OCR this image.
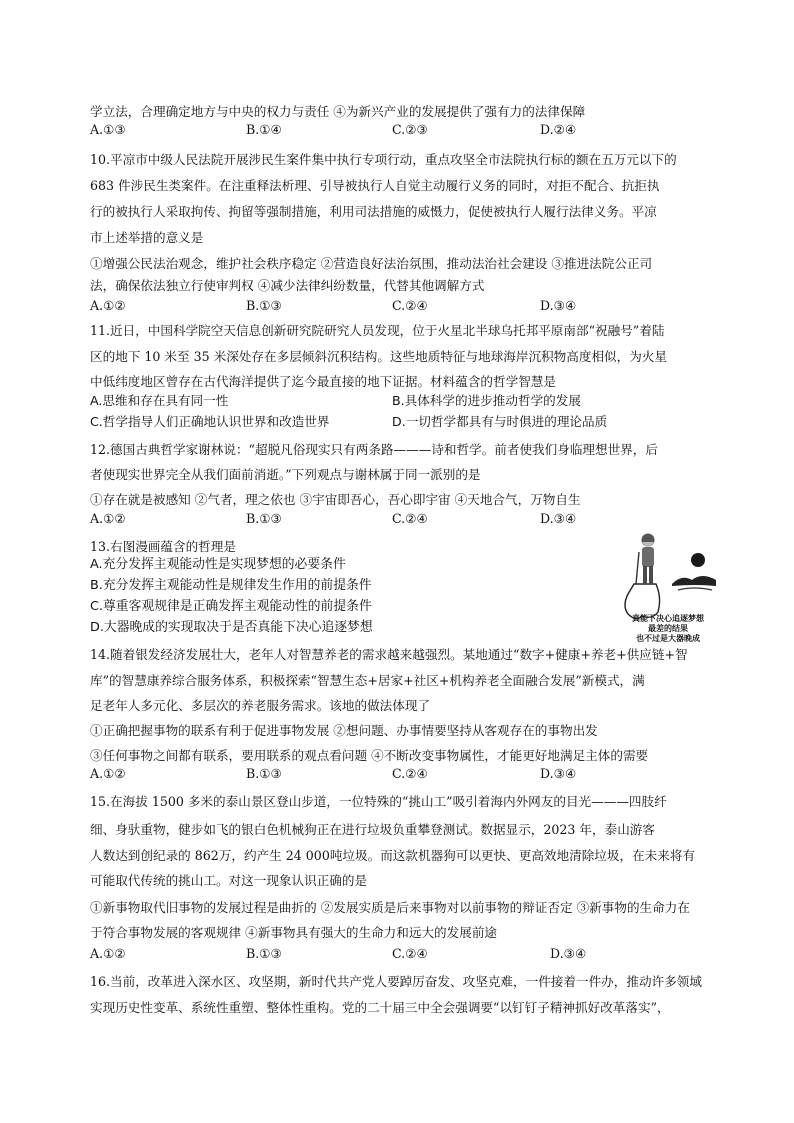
学立法，合理确定地方与中央的权力与责任 ④为新兴产业的发展提供了强有力的法律保障
A.①③	B.①④	C.②③	D.②④
10.平凉市中级人民法院开展涉民生案件集中执行专项行动，重点攻坚全市法院执行标的额在五万元以下的
683 件涉民生类案件。在注重释法析理、引导被执行人自觉主动履行义务的同时，对拒不配合、抗拒执
行的被执行人采取拘传、拘留等强制措施，利用司法措施的威慑力，促使被执行人履行法律义务。平凉
市上述举措的意义是
①增强公民法治观念，维护社会秩序稳定 ②营造良好法治氛围，推动法治社会建设 ③推进法院公正司
法，确保依法独立行使审判权 ④减少法律纠纷数量，代替其他调解方式
A.①②	B.①③	C.②④	D.③④
11.近日，中国科学院空天信息创新研究院研究人员发现，位于火星北半球乌托邦平原南部“祝融号”着陆
区的地下 10 米至 35 米深处存在多层倾斜沉积结构。这些地质特征与地球海岸沉积物高度相似，为火星
中低纬度地区曾存在古代海洋提供了迄今最直接的地下证据。材料蕴含的哲学智慧是
A.思维和存在具有同一性	B.具体科学的进步推动哲学的发展
C.哲学指导人们正确地认识世界和改造世界	D.一切哲学都具有与时俱进的理论品质
12.德国古典哲学家谢林说：“超脱凡俗现实只有两条路———诗和哲学。前者使我们身临理想世界，后
者使现实世界完全从我们面前消逝。”下列观点与谢林属于同一派别的是
①存在就是被感知 ②气者，理之依也 ③宇宙即吾心，吾心即宇宙 ④天地合气，万物自生
A.①②	B.①③	C.②④	D.③④
13.右图漫画蕴含的哲理是
A.充分发挥主观能动性是实现梦想的必要条件
B.充分发挥主观能动性是规律发生作用的前提条件
C.尊重客观规律是正确发挥主观能动性的前提条件
D.大器晚成的实现取决于是否真能下决心追逐梦想
真能下决心追逐梦想
最差的结果
也不过是大器晚成
14.随着银发经济发展壮大，老年人对智慧养老的需求越来越强烈。某地通过“数字+健康+养老+供应链+智
库”的智慧康养综合服务体系，积极探索“智慧生态+居家+社区+机构养老全面融合发展”新模式，满
足老年人多元化、多层次的养老服务需求。该地的做法体现了
①正确把握事物的联系有利于促进事物发展 ②想问题、办事情要坚持从客观存在的事物出发
③任何事物之间都有联系，要用联系的观点看问题 ④不断改变事物属性，才能更好地满足主体的需要
A.①②	B.①③	C.②④	D.③④
15.在海拔 1500 多米的泰山景区登山步道，一位特殊的“挑山工”吸引着海内外网友的目光———四肢纤
细、身驮重物，健步如飞的银白色机械狗正在进行垃圾负重攀登测试。数据显示，2023 年，泰山游客
人数达到创纪录的 862万，约产生 24 000吨垃圾。而这款机器狗可以更快、更高效地清除垃圾，在未来将有
可能取代传统的挑山工。对这一现象认识正确的是
①新事物取代旧事物的发展过程是曲折的 ②发展实质是后来事物对以前事物的辩证否定 ③新事物的生命力在
于符合事物发展的客观规律 ④新事物具有强大的生命力和远大的发展前途
A.①②	B.①③	C.②④	D.③④
16.当前，改革进入深水区、攻坚期，新时代共产党人要踔厉奋发、攻坚克难，一件接着一件办，推动许多领域
实现历史性变革、系统性重塑、整体性重构。党的二十届三中全会强调要“以钉钉子精神抓好改革落实”，
